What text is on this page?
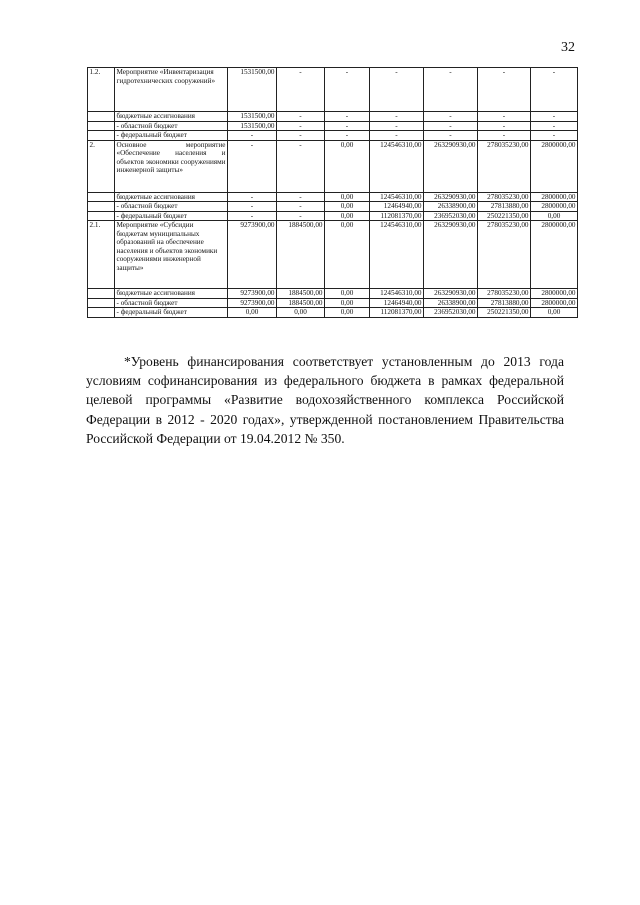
32
1.2.	Мероприятие «Инвентаризация гидротехнических сооружений»	1531500,00	-	-	-	-	-	-
	бюджетные ассигнования	1531500,00	-	-	-	-	-	-
	- областной бюджет	1531500,00	-	-	-	-	-	-
	- федеральный бюджет	-	-	-	-	-	-	-
2.	Основное мероприятие «Обеспечение населения и объектов экономики сооружениями инженерной защиты»	-	-	0,00	124546310,00	263290930,00	278035230,00	2800000,00
	бюджетные ассигнования	-	-	0,00	124546310,00	263290930,00	278035230,00	2800000,00
	- областной бюджет	-	-	0,00	12464940,00	26338900,00	27813880,00	2800000,00
	- федеральный бюджет	-	-	0,00	112081370,00	236952030,00	250221350,00	0,00
2.1.	Мероприятие «Субсидии бюджетам муниципальных образований на обеспечение населения и объектов экономики сооружениями инженерной защиты»	9273900,00	1884500,00	0,00	124546310,00	263290930,00	278035230,00	2800000,00
	бюджетные ассигнования	9273900,00	1884500,00	0,00	124546310,00	263290930,00	278035230,00	2800000,00
	- областной бюджет	9273900,00	1884500,00	0,00	12464940,00	26338900,00	27813880,00	2800000,00
	- федеральный бюджет	0,00	0,00	0,00	112081370,00	236952030,00	250221350,00	0,00
*Уровень финансирования соответствует установленным до 2013 года условиям софинансирования из федерального бюджета в рамках федеральной целевой программы «Развитие водохозяйственного комплекса Российской Федерации в 2012 - 2020 годах», утвержденной постановлением Правительства Российской Федерации от 19.04.2012 № 350.
